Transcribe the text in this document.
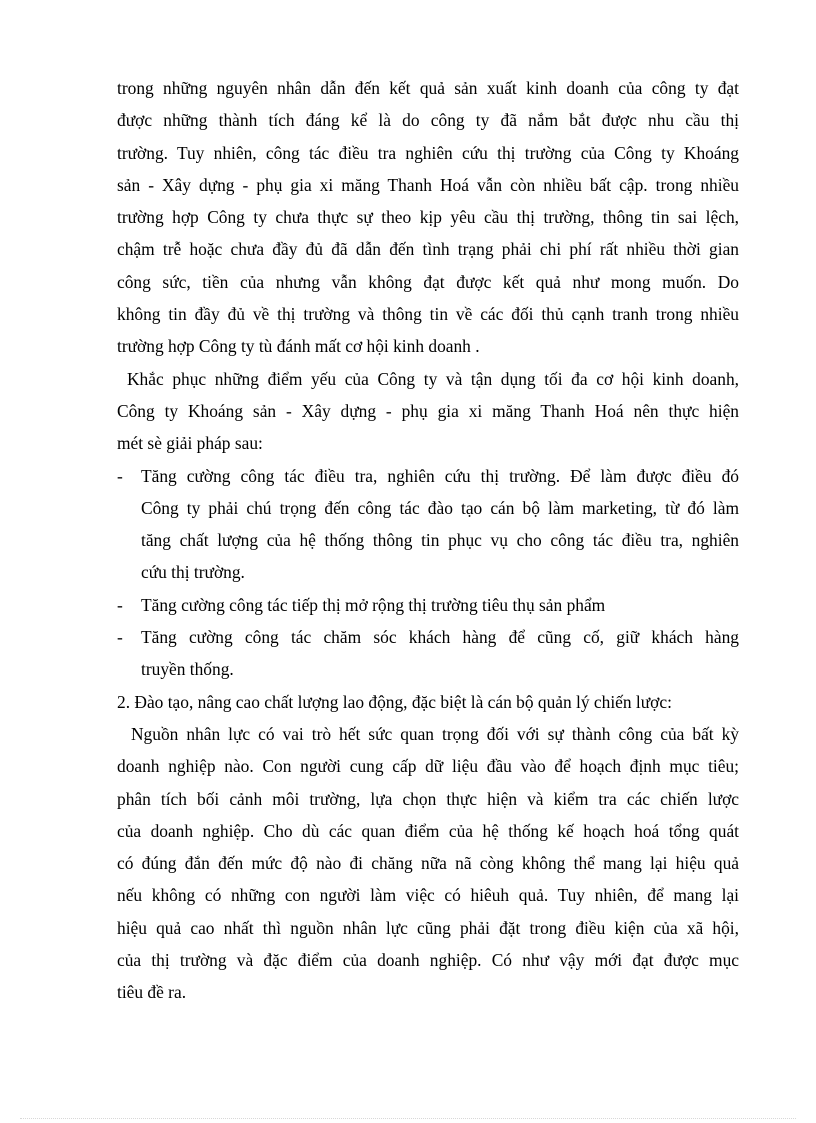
trong những nguyên nhân dẫn đến kết quả sản xuất kinh doanh của công ty đạt
được những thành tích đáng kể là do công ty đã nắm bắt được nhu cầu thị
trường. Tuy nhiên, công tác điều tra nghiên cứu thị trường của Công ty Khoáng
sản - Xây dựng - phụ gia xi măng Thanh Hoá vẫn còn nhiều bất cập. trong nhiều
trường hợp Công ty chưa thực sự theo kịp yêu cầu thị trường, thông tin sai lệch,
chậm trễ hoặc chưa đầy đủ đã dẫn đến tình trạng phải chi phí rất nhiều thời gian
công sức, tiền của nhưng vẫn không đạt được kết quả như mong muốn. Do
không tin đầy đủ về thị trường và thông tin về các đối thủ cạnh tranh trong nhiều
trường hợp Công ty tù đánh mất cơ hội kinh doanh .
Khắc phục những điểm yếu của Công ty và tận dụng tối đa cơ hội kinh doanh,
Công ty Khoáng sản - Xây dựng - phụ gia xi măng Thanh Hoá nên thực hiện
mét sè giải pháp sau:
- Tăng cường công tác điều tra, nghiên cứu thị trường. Để làm được điều đó
Công ty phải chú trọng đến công tác đào tạo cán bộ làm marketing, từ đó làm
tăng chất lượng của hệ thống thông tin phục vụ cho công tác điều tra, nghiên
cứu thị trường.
- Tăng cường công tác tiếp thị mở rộng thị trường tiêu thụ sản phẩm
- Tăng cường công tác chăm sóc khách hàng để cũng cố, giữ khách hàng
truyền thống.
2. Đào tạo, nâng cao chất lượng lao động, đặc biệt là cán bộ quản lý chiến lược:
Nguồn nhân lực có vai trò hết sức quan trọng đối với sự thành công của bất kỳ
doanh nghiệp nào. Con người cung cấp dữ liệu đầu vào để hoạch định mục tiêu;
phân tích bối cảnh môi trường, lựa chọn thực hiện và kiểm tra các chiến lược
của doanh nghiệp. Cho dù các quan điểm của hệ thống kế hoạch hoá tổng quát
có đúng đắn đến mức độ nào đi chăng nữa nã còng không thể mang lại hiệu quả
nếu không có những con người làm việc có hiêuh quả. Tuy nhiên, để mang lại
hiệu quả cao nhất thì nguồn nhân lực cũng phải đặt trong điều kiện của xã hội,
của thị trường và đặc điểm của doanh nghiệp. Có như vậy mới đạt được mục
tiêu đề ra.
